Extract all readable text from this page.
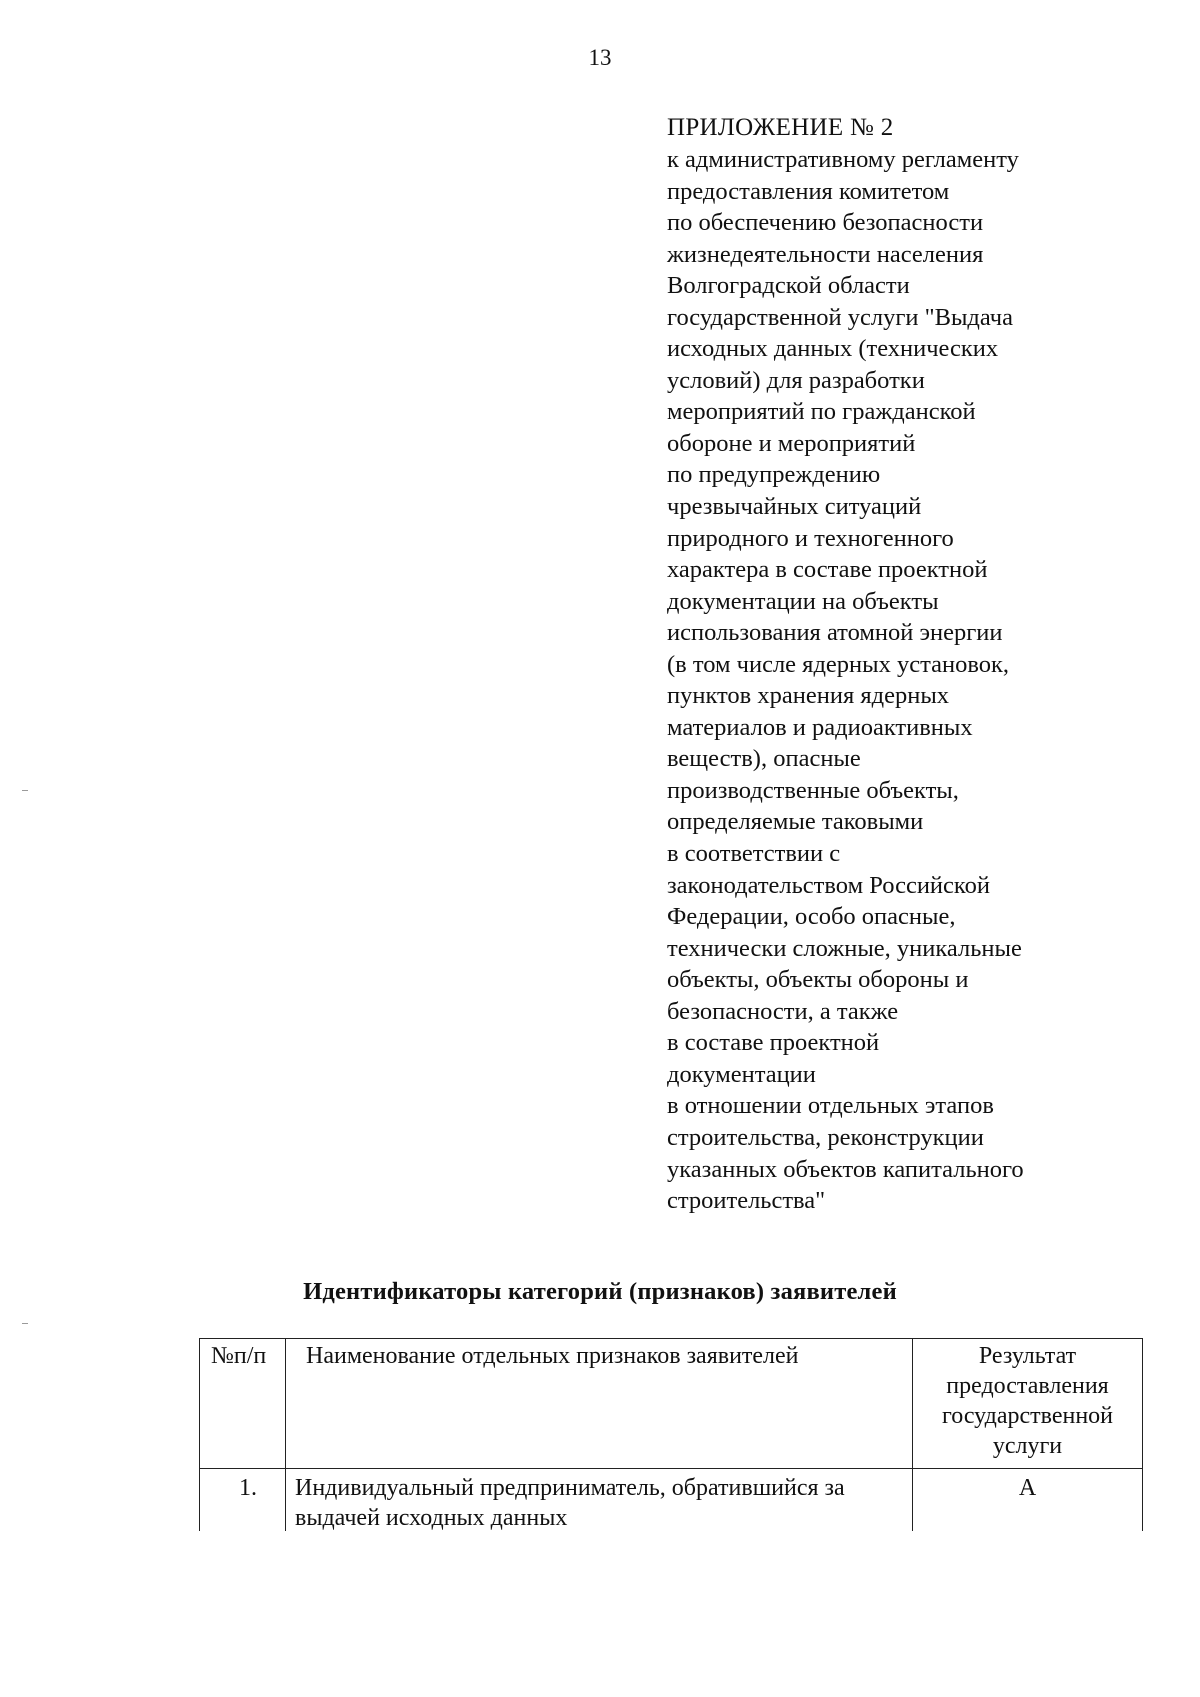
13
ПРИЛОЖЕНИЕ № 2
к административному регламенту
предоставления комитетом
по обеспечению безопасности
жизнедеятельности населения
Волгоградской области
государственной услуги "Выдача
исходных данных (технических
условий) для разработки
мероприятий по гражданской
обороне и мероприятий
по предупреждению
чрезвычайных ситуаций
природного и техногенного
характера в составе проектной
документации на объекты
использования атомной энергии
(в том числе ядерных установок,
пунктов хранения ядерных
материалов и радиоактивных
веществ), опасные
производственные объекты,
определяемые таковыми
в соответствии с
законодательством Российской
Федерации, особо опасные,
технически сложные, уникальные
объекты, объекты обороны и
безопасности, а также
в составе проектной
документации
в отношении отдельных этапов
строительства, реконструкции
указанных объектов капитального
строительства"
Идентификаторы категорий (признаков) заявителей
№п/п	Наименование отдельных признаков заявителей	Результат предоставления государственной услуги
1.	Индивидуальный предприниматель, обратившийся за выдачей исходных данных	А
